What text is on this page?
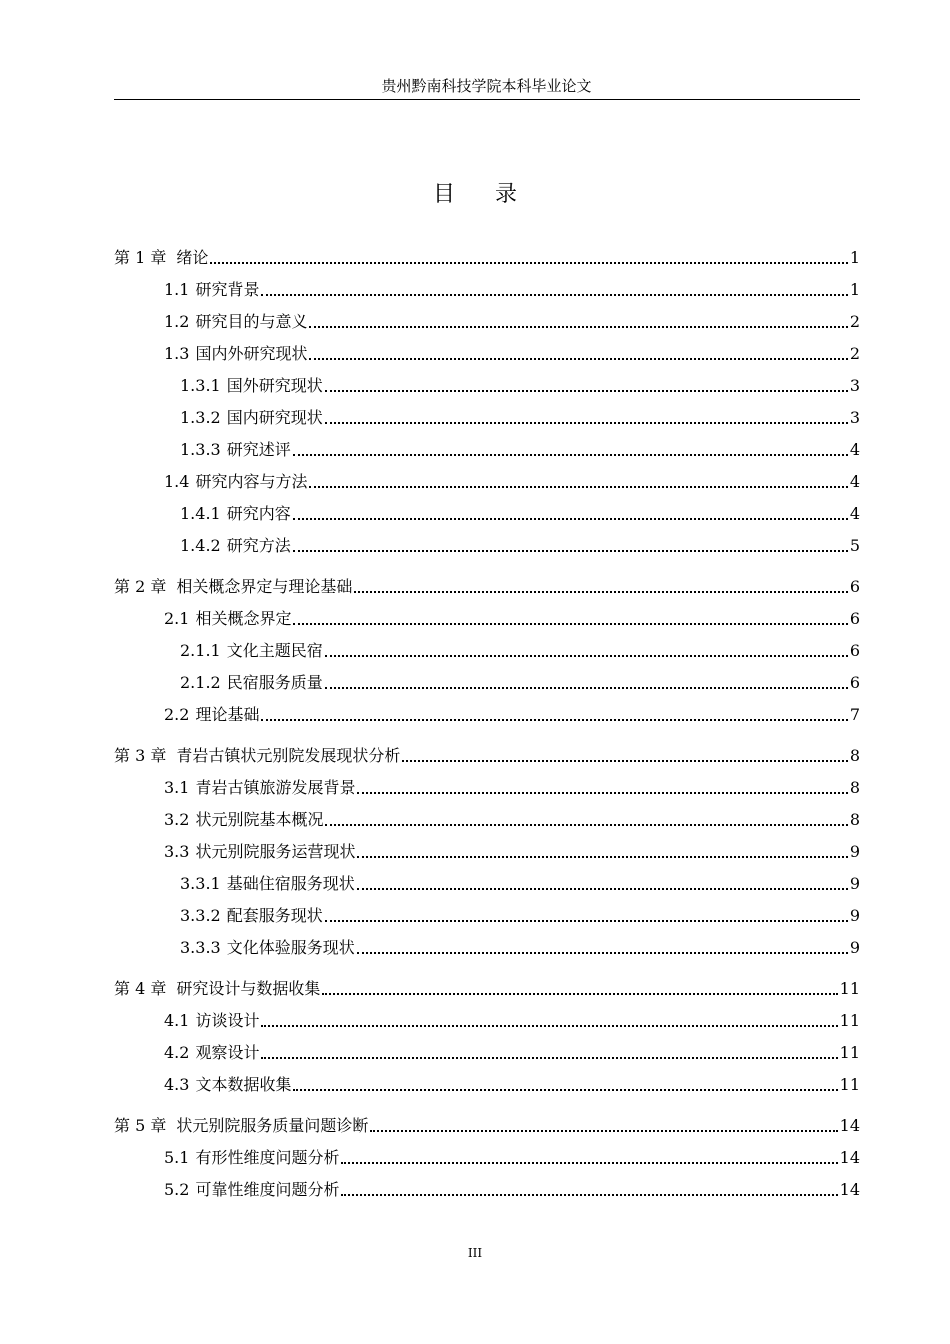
贵州黔南科技学院本科毕业论文
目录
第 1 章 绪论	1
1.1 研究背景	1
1.2 研究目的与意义	2
1.3 国内外研究现状	2
1.3.1 国外研究现状	3
1.3.2 国内研究现状	3
1.3.3 研究述评	4
1.4 研究内容与方法	4
1.4.1 研究内容	4
1.4.2 研究方法	5
第 2 章 相关概念界定与理论基础	6
2.1 相关概念界定	6
2.1.1 文化主题民宿	6
2.1.2 民宿服务质量	6
2.2 理论基础	7
第 3 章 青岩古镇状元别院发展现状分析	8
3.1 青岩古镇旅游发展背景	8
3.2 状元别院基本概况	8
3.3 状元别院服务运营现状	9
3.3.1 基础住宿服务现状	9
3.3.2 配套服务现状	9
3.3.3 文化体验服务现状	9
第 4 章 研究设计与数据收集	11
4.1 访谈设计	11
4.2 观察设计	11
4.3 文本数据收集	11
第 5 章 状元别院服务质量问题诊断	14
5.1 有形性维度问题分析	14
5.2 可靠性维度问题分析	14
III
